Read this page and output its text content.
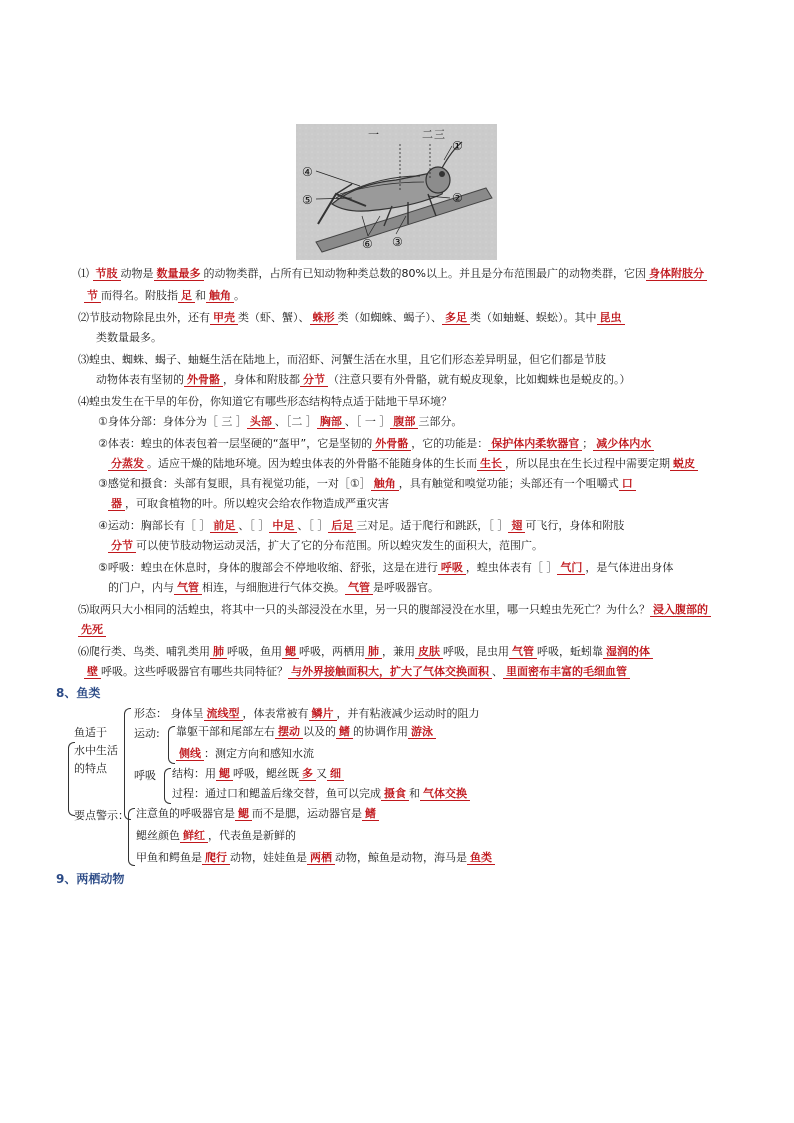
一	二 三
①
②
③
④
⑤
⑥
⑴ 节肢 动物是 数量最多 的动物类群，占所有已知动物种类总数的80%以上。并且是分布范围最广的动物类群，它因 身体附肢分
节 而得名。附肢指 足 和 触角 。
⑵节肢动物除昆虫外，还有 甲壳 类（虾、蟹）、 蛛形 类（如蜘蛛、蝎子）、 多足 类（如蚰蜒、蜈蚣）。其中 昆虫
类数量最多。
⑶蝗虫、蜘蛛、蝎子、蚰蜒生活在陆地上，而沼虾、河蟹生活在水里，且它们形态差异明显，但它们都是节肢
动物体表有坚韧的 外骨骼 ，身体和附肢都 分节 （注意只要有外骨骼，就有蜕皮现象，比如蜘蛛也是蜕皮的。）
⑷蝗虫发生在干旱的年份，你知道它有哪些形态结构特点适于陆地干旱环境？
①身体分部：身体分为［ 三 ］ 头部 、［二 ］ 胸部 、［ 一 ］ 腹部 三部分。
②体表：蝗虫的体表包着一层坚硬的“盔甲”，它是坚韧的 外骨骼 ，它的功能是： 保护体内柔软器官 ； 减少体内水
分蒸发 。适应干燥的陆地环境。因为蝗虫体表的外骨骼不能随身体的生长而 生长 ，所以昆虫在生长过程中需要定期 蜕皮
③感觉和摄食：头部有复眼，具有视觉功能，一对［①］ 触角 ，具有触觉和嗅觉功能；头部还有一个咀嚼式 口
器 ，可取食植物的叶。所以蝗灾会给农作物造成严重灾害
④运动：胸部长有［ ］ 前足 、［ ］ 中足 、［ ］ 后足 三对足。适于爬行和跳跃，［ ］ 翅 可飞行，身体和附肢
分节 可以使节肢动物运动灵活，扩大了它的分布范围。所以蝗灾发生的面积大，范围广。
⑤呼吸：蝗虫在休息时，身体的腹部会不停地收缩、舒张，这是在进行 呼吸 ，蝗虫体表有［ ］ 气门 ，是气体进出身体
的门户，内与 气管 相连，与细胞进行气体交换。 气管 是呼吸器官。
⑸取两只大小相同的活蝗虫，将其中一只的头部浸没在水里，另一只的腹部浸没在水里，哪一只蝗虫先死亡？为什么？ 浸入腹部的
先死
⑹爬行类、鸟类、哺乳类用 肺 呼吸，鱼用 鳃 呼吸，两栖用 肺 ，兼用 皮肤 呼吸，昆虫用 气管 呼吸，蚯蚓靠 湿润的体
壁 呼吸。这些呼吸器官有哪些共同特征？ 与外界接触面积大，扩大了气体交换面积 、 里面密布丰富的毛细血管
8、鱼类
鱼适于
水中生活
的特点
形态： 身体呈 流线型 ，体表常被有 鳞片 ，并有粘液减少运动时的阻力
运动: 靠躯干部和尾部左右 摆动 以及的 鳍 的协调作用 游泳
侧线 ：测定方向和感知水流
呼吸 结构：用 鳃 呼吸，鳃丝既 多 又 细
过程：通过口和鳃盖后缘交替，鱼可以完成 摄食 和 气体交换
要点警示： 注意鱼的呼吸器官是 鳃 而不是腮，运动器官是 鳍
鳃丝颜色 鲜红 ，代表鱼是新鲜的
甲鱼和鳄鱼是 爬行 动物，娃娃鱼是 两栖 动物，鲸鱼是动物，海马是 鱼类
9、两栖动物
